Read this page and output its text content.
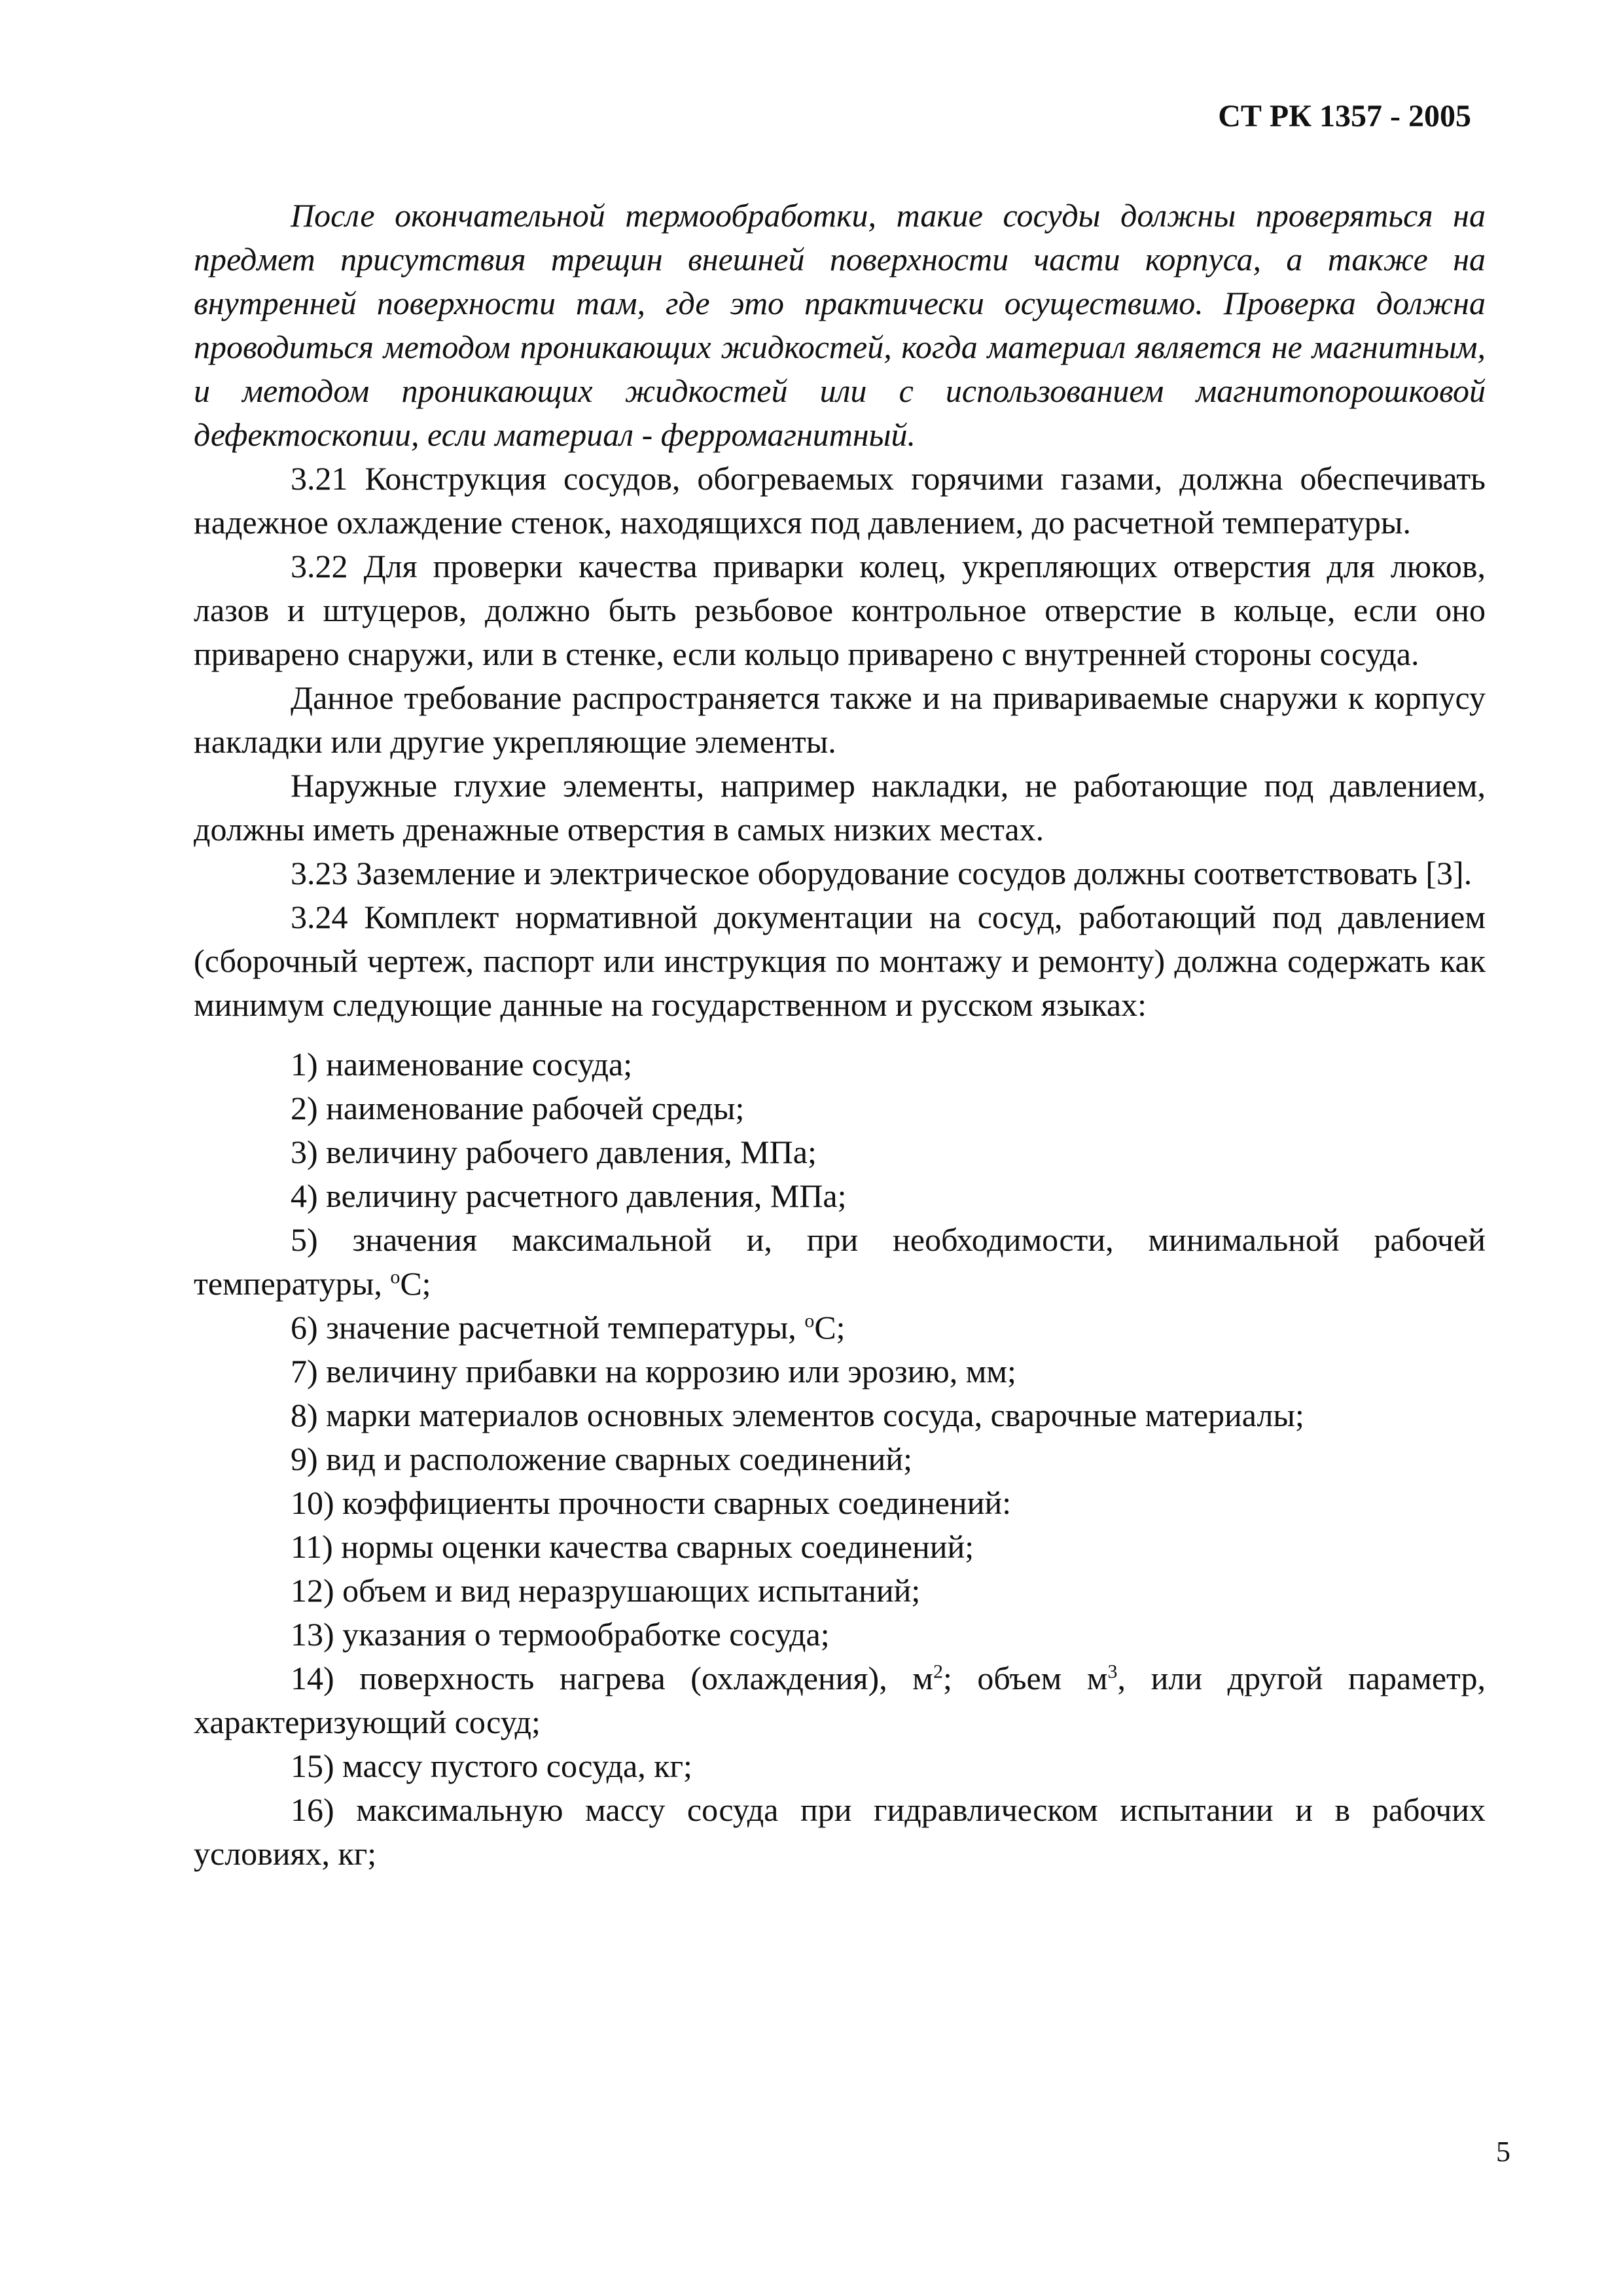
СТ РК 1357 - 2005

После окончательной термообработки, такие сосуды должны проверяться на предмет присутствия трещин внешней поверхности части корпуса, а также на внутренней поверхности там, где это практически осуществимо. Проверка должна проводиться методом проникающих жидкостей, когда материал является не магнитным, и методом проникающих жидкостей или с использованием магнитопорошковой дефектоскопии, если материал - ферромагнитный.

3.21 Конструкция сосудов, обогреваемых горячими газами, должна обеспечивать надежное охлаждение стенок, находящихся под давлением, до расчетной температуры.

3.22 Для проверки качества приварки колец, укрепляющих отверстия для люков, лазов и штуцеров, должно быть резьбовое контрольное отверстие в кольце, если оно приварено снаружи, или в стенке, если кольцо приварено с внутренней стороны сосуда.

Данное требование распространяется также и на привариваемые снаружи к корпусу накладки или другие укрепляющие элементы.

Наружные глухие элементы, например накладки, не работающие под давлением, должны иметь дренажные отверстия в самых низких местах.

3.23 Заземление и электрическое оборудование сосудов должны соответствовать [3].

3.24 Комплект нормативной документации на сосуд, работающий под давлением (сборочный чертеж, паспорт или инструкция по монтажу и ремонту) должна содержать как минимум следующие данные на государственном и русском языках:

1) наименование сосуда;

2) наименование рабочей среды;

3) величину рабочего давления, МПа;

4) величину расчетного давления, МПа;

5) значения максимальной и, при необходимости, минимальной рабочей температуры, $^о$С;

6) значение расчетной температуры, $^о$С;

7) величину прибавки на коррозию или эрозию, мм;

8) марки материалов основных элементов сосуда, сварочные материалы;

9) вид и расположение сварных соединений;

10) коэффициенты прочности сварных соединений:

11) нормы оценки качества сварных соединений;

12) объем и вид неразрушающих испытаний;

13) указания о термообработке сосуда;

14) поверхность нагрева (охлаждения), $м^2$; объем $м^3$, или другой параметр, характеризующий сосуд;

15) массу пустого сосуда, кг;

16) максимальную массу сосуда при гидравлическом испытании и в рабочих условиях, кг;

5
